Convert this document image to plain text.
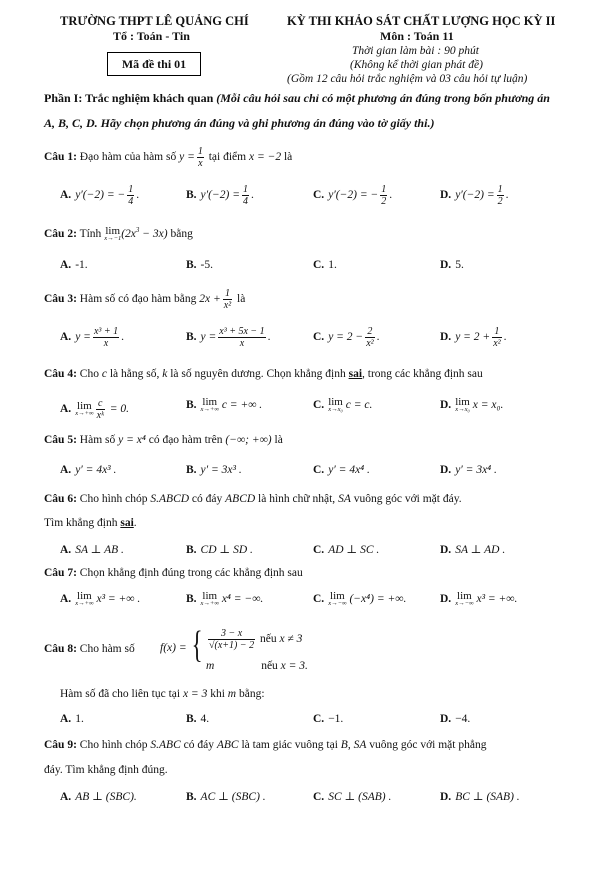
TRƯỜNG THPT LÊ QUẢNG CHÍ
Tổ : Toán - Tin
Mã đề thi 01
KỲ THI KHẢO SÁT CHẤT LƯỢNG HỌC KỲ II
Môn : Toán 11
Thời gian làm bài : 90 phút
(Không kể thời gian phát đề)
(Gồm 12 câu hỏi trắc nghiệm và 03 câu hỏi tự luận)
Phần I: Trắc nghiệm khách quan (Mỗi câu hỏi sau chỉ có một phương án đúng trong bốn phương án
A, B, C, D. Hãy chọn phương án đúng và ghi phương án đúng vào tờ giấy thi.)
Câu 1: Đạo hàm của hàm số $y = \frac{1}{x}$ tại điểm x = −2 là
A. y′(−2) = − $\frac{1}{4}$ .	B. $y'(-2) = \frac{1}{4}$ .	C. y′(−2) = − $\frac{1}{2}$ .	D. $y'(-2) = \frac{1}{2}$ .
Câu 2: Tính lim
x→−1 $(2x^3 - 3x)$ bằng
A. -1.	B. -5.	C. 1.	D. 5.
Câu 3: Hàm số có đạo hàm bằng $2x + \frac{1}{\text{x²}}$ là
A. $y = \frac{\text{x³ + 1}}{x}$ .	B. $y = \frac{\text{x³ + 5x − 1}}{x}$ .	C. $y = 2 - \frac{2}{\text{x²}}$ .	D. $y = 2 + \frac{1}{\text{x²}}$ .
Câu 4: Cho c là hằng số, k là số nguyên dương. Chọn khẳng định sai, trong các khẳng định sau
A. lim
$x\to+\infty \frac{c}{\text{xᵏ}} = 0$.	B. lim
x→+∞ c = +∞ .	C. lim
x→x₀ c = c.	D. lim
x→x₀ x = x₀.
Câu 5: Hàm số y = x⁴ có đạo hàm trên (−∞; +∞) là
A. y′ = 4x³ .	B. y′ = 3x³ .	C. y′ = 4x⁴ .	D. y′ = 3x⁴ .
Câu 6: Cho hình chóp S.ABCD có đáy ABCD là hình chữ nhật, SA vuông góc với mặt đáy.
Tìm khẳng định sai.
A. SA ⊥ AB .	B. CD ⊥ SD .	C. AD ⊥ SC .	D. SA ⊥ AD .
Câu 7: Chọn khẳng định đúng trong các khẳng định sau
A. lim
x→+∞ x³ = +∞ .	B. lim
x→+∞ x⁴ = −∞.	C. lim
x→−∞ (−x⁴) = +∞.	D. lim
x→−∞ x³ = +∞.
Câu 8: Cho hàm số f(x) = { $\frac{3 - x}{√(x+1) - 2}$ nếu x ≠ 3
m	nếu x = 3.
Hàm số đã cho liên tục tại x = 3 khi m bằng:
A. 1.	B. 4.	C. −1.	D. −4.
Câu 9: Cho hình chóp S.ABC có đáy ABC là tam giác vuông tại B, SA vuông góc với mặt phẳng
đáy. Tìm khẳng định đúng.
A. AB ⊥ (SBC).	B. AC ⊥ (SBC) .	C. SC ⊥ (SAB) .	D. BC ⊥ (SAB) .
